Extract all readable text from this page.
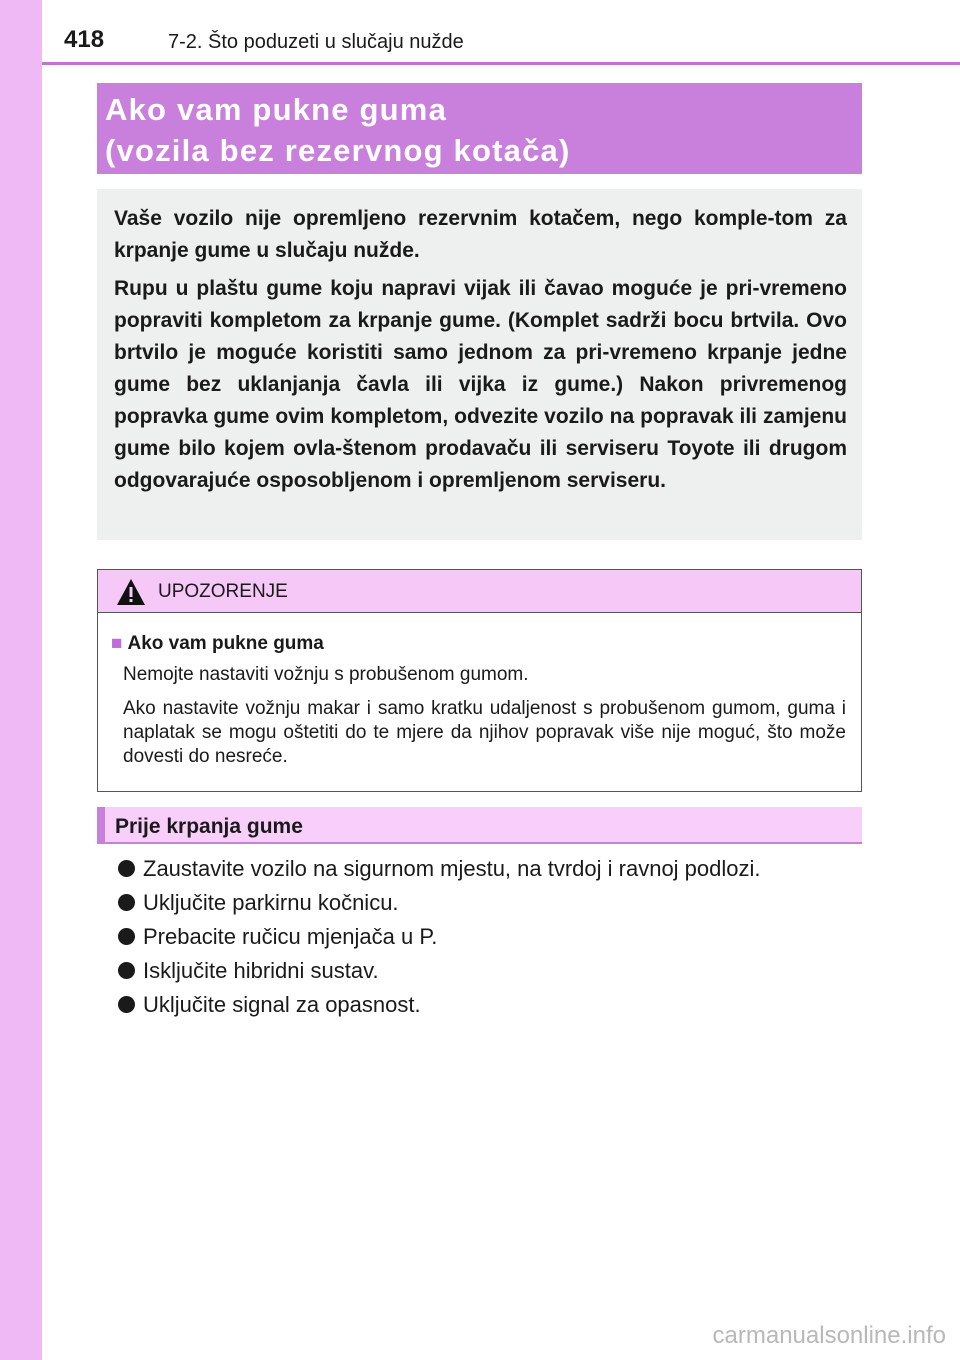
418	7-2. Što poduzeti u slučaju nužde
Ako vam pukne guma
(vozila bez rezervnog kotača)

Vaše vozilo nije opremljeno rezervnim kotačem, nego komple-tom za krpanje gume u slučaju nužde.

Rupu u plaštu gume koju napravi vijak ili čavao moguće je pri-vremeno popraviti kompletom za krpanje gume. (Komplet sadrži bocu brtvila. Ovo brtvilo je moguće koristiti samo jednom za pri-vremeno krpanje jedne gume bez uklanjanja čavla ili vijka iz gume.) Nakon privremenog popravka gume ovim kompletom, odvezite vozilo na popravak ili zamjenu gume bilo kojem ovla-štenom prodavaču ili serviseru Toyote ili drugom odgovarajuće osposobljenom i opremljenom serviseru.

UPOZORENJE
■ Ako vam pukne guma

Nemojte nastaviti vožnju s probušenom gumom.

Ako nastavite vožnju makar i samo kratku udaljenost s probušenom gumom, guma i naplatak se mogu oštetiti do te mjere da njihov popravak više nije moguć, što može dovesti do nesreće.

Prije krpanja gume
Zaustavite vozilo na sigurnom mjestu, na tvrdoj i ravnoj podlozi.
Uključite parkirnu kočnicu.
Prebacite ručicu mjenjača u P.
Isključite hibridni sustav.
Uključite signal za opasnost.
carmanualsonline.info
